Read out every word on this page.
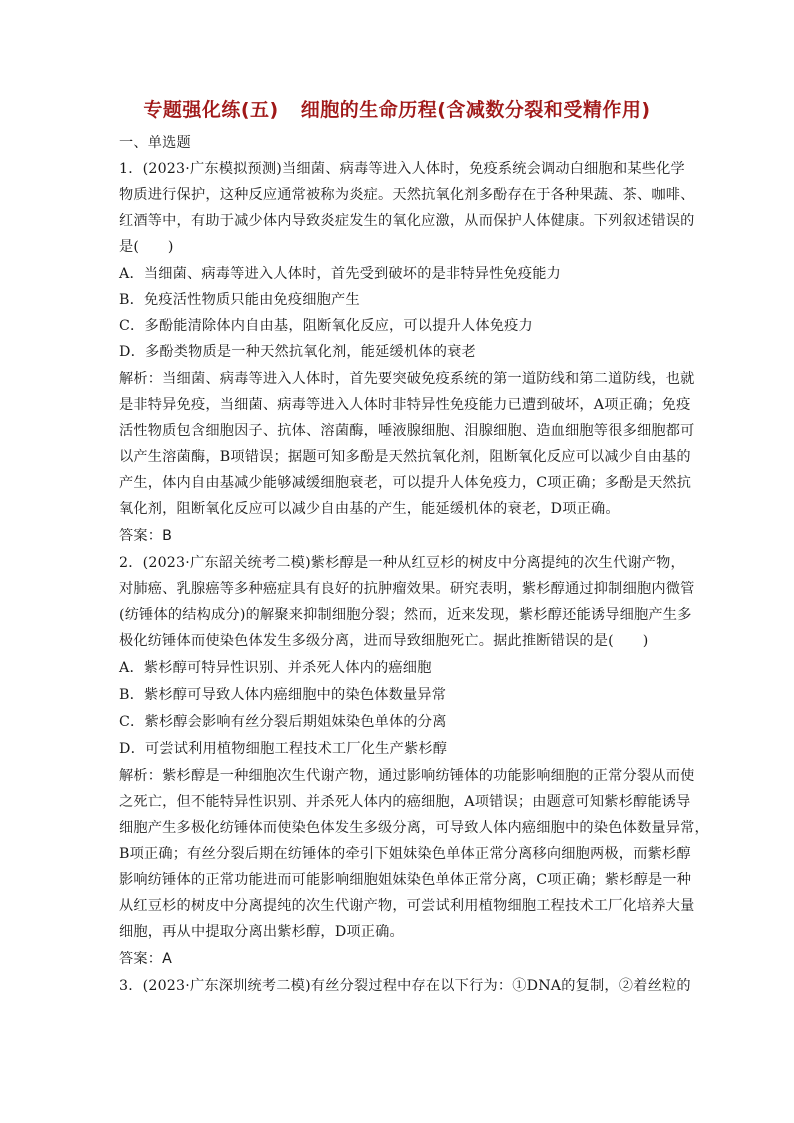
专题强化练(五) 细胞的生命历程(含减数分裂和受精作用)
一、单选题
1．(2023·广东模拟预测)当细菌、病毒等进入人体时，免疫系统会调动白细胞和某些化学
物质进行保护，这种反应通常被称为炎症。天然抗氧化剂多酚存在于各种果蔬、茶、咖啡、
红酒等中，有助于减少体内导致炎症发生的氧化应激，从而保护人体健康。下列叙述错误的
是(　　)
A．当细菌、病毒等进入人体时，首先受到破坏的是非特异性免疫能力
B．免疫活性物质只能由免疫细胞产生
C．多酚能清除体内自由基，阻断氧化反应，可以提升人体免疫力
D．多酚类物质是一种天然抗氧化剂，能延缓机体的衰老
解析：当细菌、病毒等进入人体时，首先要突破免疫系统的第一道防线和第二道防线，也就
是非特异免疫，当细菌、病毒等进入人体时非特异性免疫能力已遭到破坏，A项正确；免疫
活性物质包含细胞因子、抗体、溶菌酶，唾液腺细胞、泪腺细胞、造血细胞等很多细胞都可
以产生溶菌酶，B项错误；据题可知多酚是天然抗氧化剂，阻断氧化反应可以减少自由基的
产生，体内自由基减少能够减缓细胞衰老，可以提升人体免疫力，C项正确；多酚是天然抗
氧化剂，阻断氧化反应可以减少自由基的产生，能延缓机体的衰老，D项正确。
答案：B
2．(2023·广东韶关统考二模)紫杉醇是一种从红豆杉的树皮中分离提纯的次生代谢产物，
对肺癌、乳腺癌等多种癌症具有良好的抗肿瘤效果。研究表明，紫杉醇通过抑制细胞内微管
(纺锤体的结构成分)的解聚来抑制细胞分裂；然而，近来发现，紫杉醇还能诱导细胞产生多
极化纺锤体而使染色体发生多级分离，进而导致细胞死亡。据此推断错误的是(　　)
A．紫杉醇可特异性识别、并杀死人体内的癌细胞
B．紫杉醇可导致人体内癌细胞中的染色体数量异常
C．紫杉醇会影响有丝分裂后期姐妹染色单体的分离
D．可尝试利用植物细胞工程技术工厂化生产紫杉醇
解析：紫杉醇是一种细胞次生代谢产物，通过影响纺锤体的功能影响细胞的正常分裂从而使
之死亡，但不能特异性识别、并杀死人体内的癌细胞，A项错误；由题意可知紫杉醇能诱导
细胞产生多极化纺锤体而使染色体发生多级分离，可导致人体内癌细胞中的染色体数量异常，
B项正确；有丝分裂后期在纺锤体的牵引下姐妹染色单体正常分离移向细胞两极，而紫杉醇
影响纺锤体的正常功能进而可能影响细胞姐妹染色单体正常分离，C项正确；紫杉醇是一种
从红豆杉的树皮中分离提纯的次生代谢产物，可尝试利用植物细胞工程技术工厂化培养大量
细胞，再从中提取分离出紫杉醇，D项正确。
答案：A
3．(2023·广东深圳统考二模)有丝分裂过程中存在以下行为：①DNA的复制，②着丝粒的
